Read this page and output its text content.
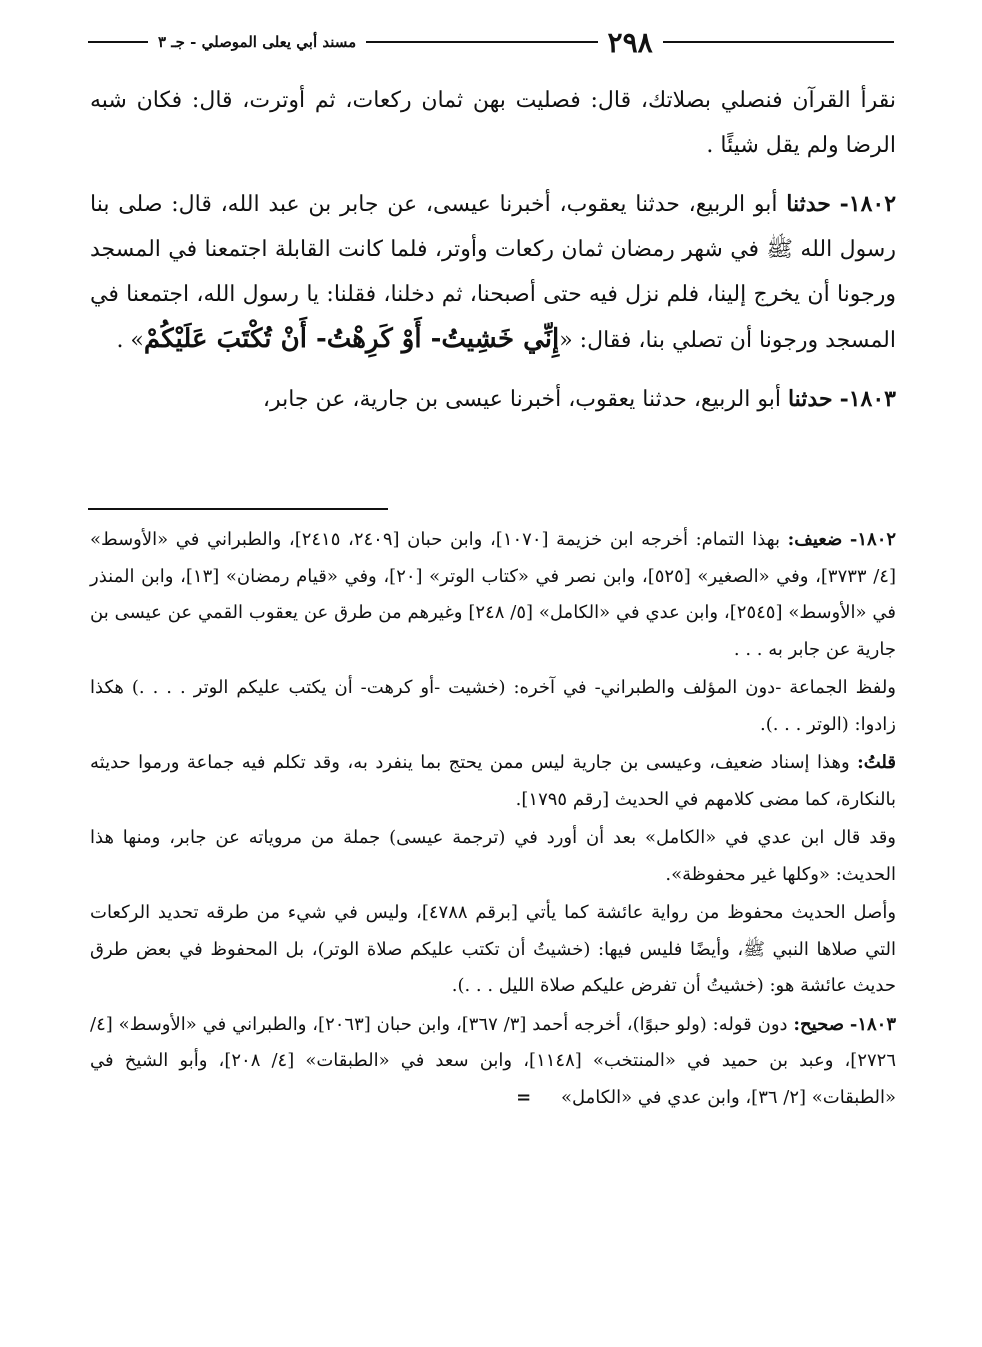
٢٩٨
مسند أبي يعلى الموصلي - جـ ٣

نقرأ القرآن فنصلي بصلاتك، قال: فصليت بهن ثمان ركعات، ثم أوترت، قال: فكان شبه الرضا ولم يقل شيئًا .

١٨٠٢- حدثنا أبو الربيع، حدثنا يعقوب، أخبرنا عيسى، عن جابر بن عبد الله، قال: صلى بنا رسول الله ﷺ في شهر رمضان ثمان ركعات وأوتر، فلما كانت القابلة اجتمعنا في المسجد ورجونا أن يخرج إلينا، فلم نزل فيه حتى أصبحنا، ثم دخلنا، فقلنا: يا رسول الله، اجتمعنا في المسجد ورجونا أن تصلي بنا، فقال: «إِنِّي خَشِيتُ- أَوْ كَرِهْتُ- أَنْ تُكْتَبَ عَلَيْكُمْ» .

١٨٠٣- حدثنا أبو الربيع، حدثنا يعقوب، أخبرنا عيسى بن جارية، عن جابر،

١٨٠٢- ضعيف: بهذا التمام: أخرجه ابن خزيمة [١٠٧٠]، وابن حبان [٢٤٠٩، ٢٤١٥]، والطبراني في «الأوسط» [٤/ ٣٧٣٣]، وفي «الصغير» [٥٢٥]، وابن نصر في «كتاب الوتر» [٢٠]، وفي «قيام رمضان» [١٣]، وابن المنذر في «الأوسط» [٢٥٤٥]، وابن عدي في «الكامل» [٥/ ٢٤٨] وغيرهم من طرق عن يعقوب القمي عن عيسى بن جارية عن جابر به . . .

ولفظ الجماعة -دون المؤلف والطبراني- في آخره: (خشيت -أو كرهت- أن يكتب عليكم الوتر . . . .) هكذا زادوا: (الوتر . . .).

قلتُ: وهذا إسناد ضعيف، وعيسى بن جارية ليس ممن يحتج بما ينفرد به، وقد تكلم فيه جماعة ورموا حديثه بالنكارة، كما مضى كلامهم في الحديث [رقم ١٧٩٥].

وقد قال ابن عدي في «الكامل» بعد أن أورد في (ترجمة عيسى) جملة من مروياته عن جابر، ومنها هذا الحديث: «وكلها غير محفوظة».

وأصل الحديث محفوظ من رواية عائشة كما يأتي [برقم ٤٧٨٨]، وليس في شيء من طرقه تحديد الركعات التي صلاها النبي ﷺ، وأيضًا فليس فيها: (خشيتُ أن تكتب عليكم صلاة الوتر)، بل المحفوظ في بعض طرق حديث عائشة هو: (خشيتُ أن تفرض عليكم صلاة الليل . . .).

١٨٠٣- صحيح: دون قوله: (ولو حبوًا)، أخرجه أحمد [٣/ ٣٦٧]، وابن حبان [٢٠٦٣]، والطبراني في «الأوسط» [٤/ ٢٧٢٦]، وعبد بن حميد في «المنتخب» [١١٤٨]، وابن سعد في «الطبقات» [٤/ ٢٠٨]، وأبو الشيخ في «الطبقات» [٢/ ٣٦]، وابن عدي في «الكامل» =
